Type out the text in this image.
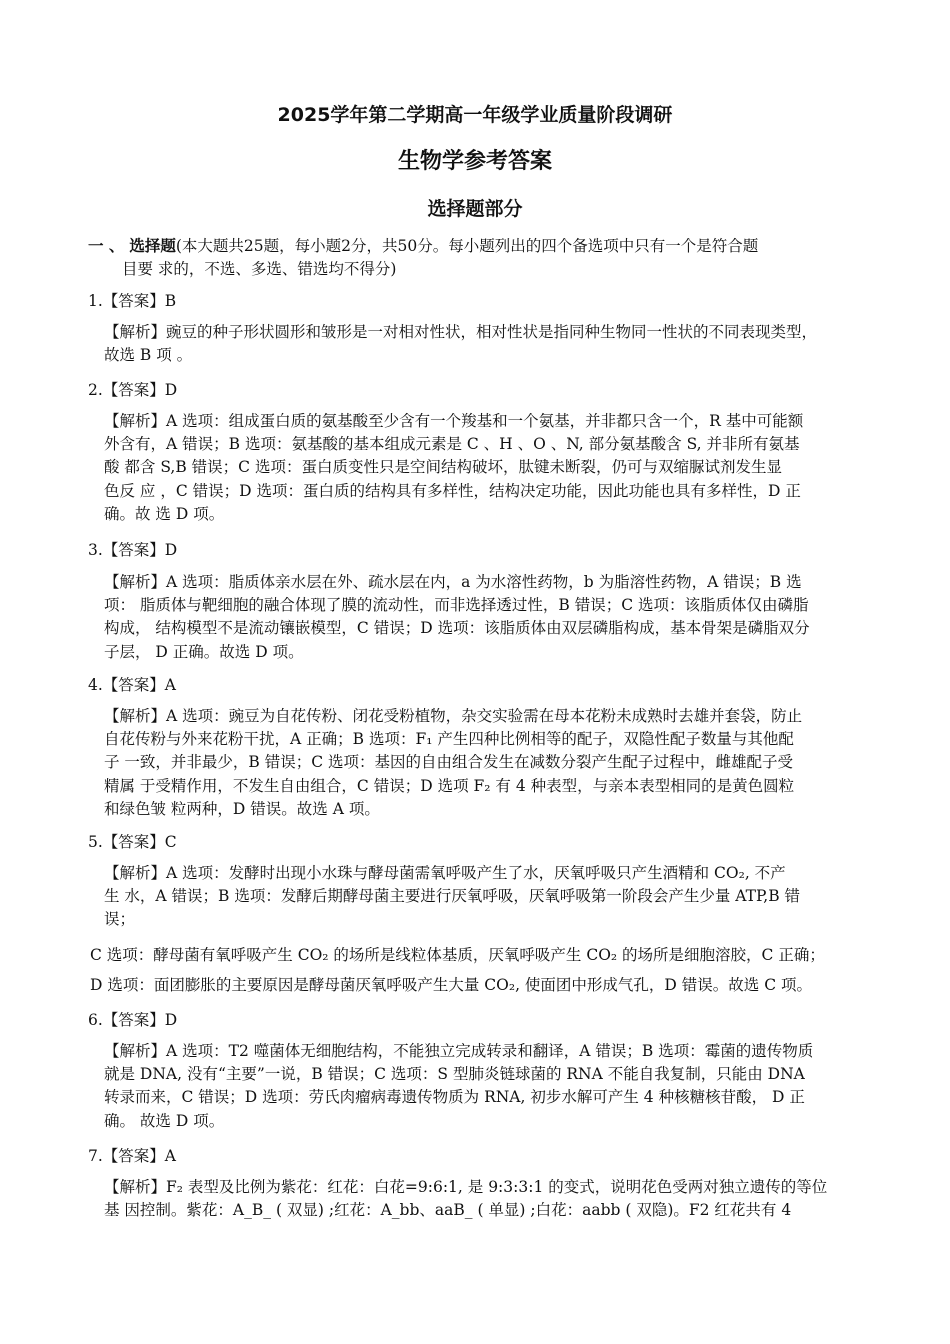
2025学年第二学期高一年级学业质量阶段调研
生物学参考答案
选择题部分
一 、 选择题(本大题共25题，每小题2分，共50分。每小题列出的四个备选项中只有一个是符合题
目要 求的，不选、多选、错选均不得分)
1.【答案】B

【解析】豌豆的种子形状圆形和皱形是一对相对性状，相对性状是指同种生物同一性状的不同表现类型，

故选 B 项 。

2.【答案】D

【解析】A 选项：组成蛋白质的氨基酸至少含有一个羧基和一个氨基，并非都只含一个，R 基中可能额

外含有，A 错误；B 选项：氨基酸的基本组成元素是 C 、H 、O 、N, 部分氨基酸含 S, 并非所有氨基

酸 都含 S,B 错误；C 选项：蛋白质变性只是空间结构破坏，肽键未断裂，仍可与双缩脲试剂发生显

色反 应 ，C 错误；D 选项：蛋白质的结构具有多样性，结构决定功能，因此功能也具有多样性，D 正

确。故 选 D 项。

3.【答案】D

【解析】A 选项：脂质体亲水层在外、疏水层在内，a 为水溶性药物，b 为脂溶性药物，A 错误；B 选

项： 脂质体与靶细胞的融合体现了膜的流动性，而非选择透过性，B 错误；C 选项：该脂质体仅由磷脂

构成， 结构模型不是流动镶嵌模型，C 错误；D 选项：该脂质体由双层磷脂构成，基本骨架是磷脂双分

子层， D 正确。故选 D 项。

4.【答案】A

【解析】A 选项：豌豆为自花传粉、闭花受粉植物，杂交实验需在母本花粉未成熟时去雄并套袋，防止

自花传粉与外来花粉干扰，A 正确；B 选项：F₁ 产生四种比例相等的配子，双隐性配子数量与其他配

子 一致，并非最少，B 错误；C 选项：基因的自由组合发生在减数分裂产生配子过程中，雌雄配子受

精属 于受精作用，不发生自由组合，C 错误；D 选项 F₂ 有 4 种表型，与亲本表型相同的是黄色圆粒

和绿色皱 粒两种，D 错误。故选 A 项。

5.【答案】C

【解析】A 选项：发酵时出现小水珠与酵母菌需氧呼吸产生了水，厌氧呼吸只产生酒精和 CO₂, 不产

生 水，A 错误；B 选项：发酵后期酵母菌主要进行厌氧呼吸，厌氧呼吸第一阶段会产生少量 ATP,B 错

误；

C 选项：酵母菌有氧呼吸产生 CO₂ 的场所是线粒体基质，厌氧呼吸产生 CO₂ 的场所是细胞溶胶，C 正确；

D 选项：面团膨胀的主要原因是酵母菌厌氧呼吸产生大量 CO₂, 使面团中形成气孔，D 错误。故选 C 项。

6.【答案】D

【解析】A 选项：T2 噬菌体无细胞结构，不能独立完成转录和翻译，A 错误；B 选项：霉菌的遗传物质

就是 DNA, 没有“主要”一说，B 错误；C 选项：S 型肺炎链球菌的 RNA 不能自我复制，只能由 DNA

转录而来，C 错误；D 选项：劳氏肉瘤病毒遗传物质为 RNA, 初步水解可产生 4 种核糖核苷酸， D 正

确。 故选 D 项。

7.【答案】A

【解析】F₂ 表型及比例为紫花：红花：白花=9:6:1, 是 9:3:3:1 的变式，说明花色受两对独立遗传的等位

基 因控制。紫花：A_B_ ( 双显) ;红花：A_bb、aaB_ ( 单显) ;白花：aabb ( 双隐)。F2 红花共有 4
